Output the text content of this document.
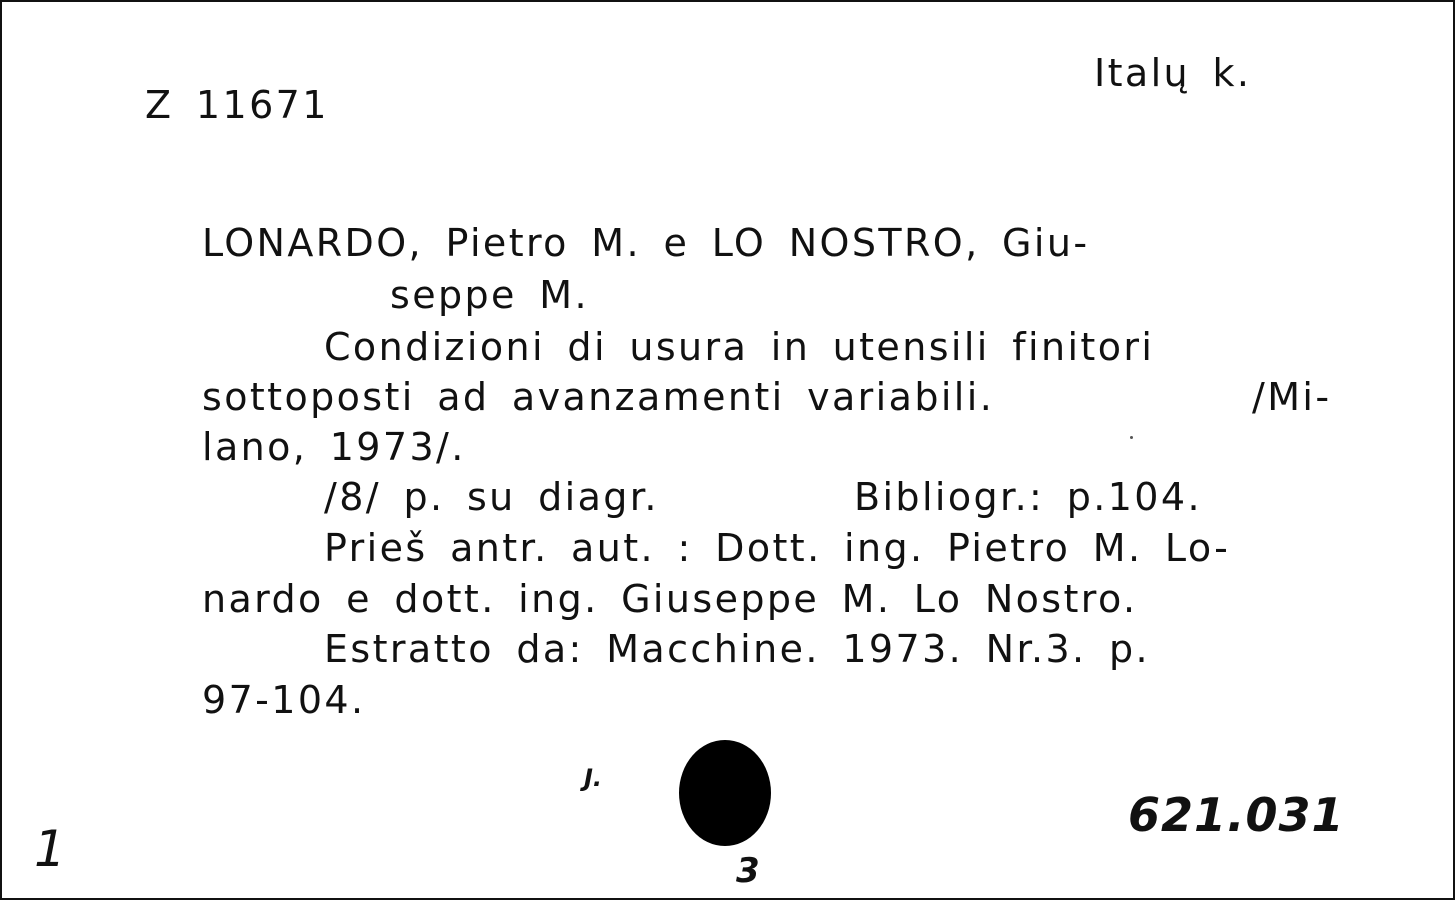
Z 11671
Italų k.
LONARDO, Pietro M. e LO NOSTRO, Giu-
seppe M.
Condizioni di usura in utensili finitori
sottoposti ad avanzamenti variabili.	/Mi-
lano, 1973/.
/8/ p. su diagr.	Bibliogr.: p.104.
Prieš antr. aut. : Dott. ing. Pietro M. Lo-
nardo e dott. ing. Giuseppe M. Lo Nostro.
Estratto da: Macchine. 1973. Nr.3. p.
97-104.
J.
3
1
621.031
